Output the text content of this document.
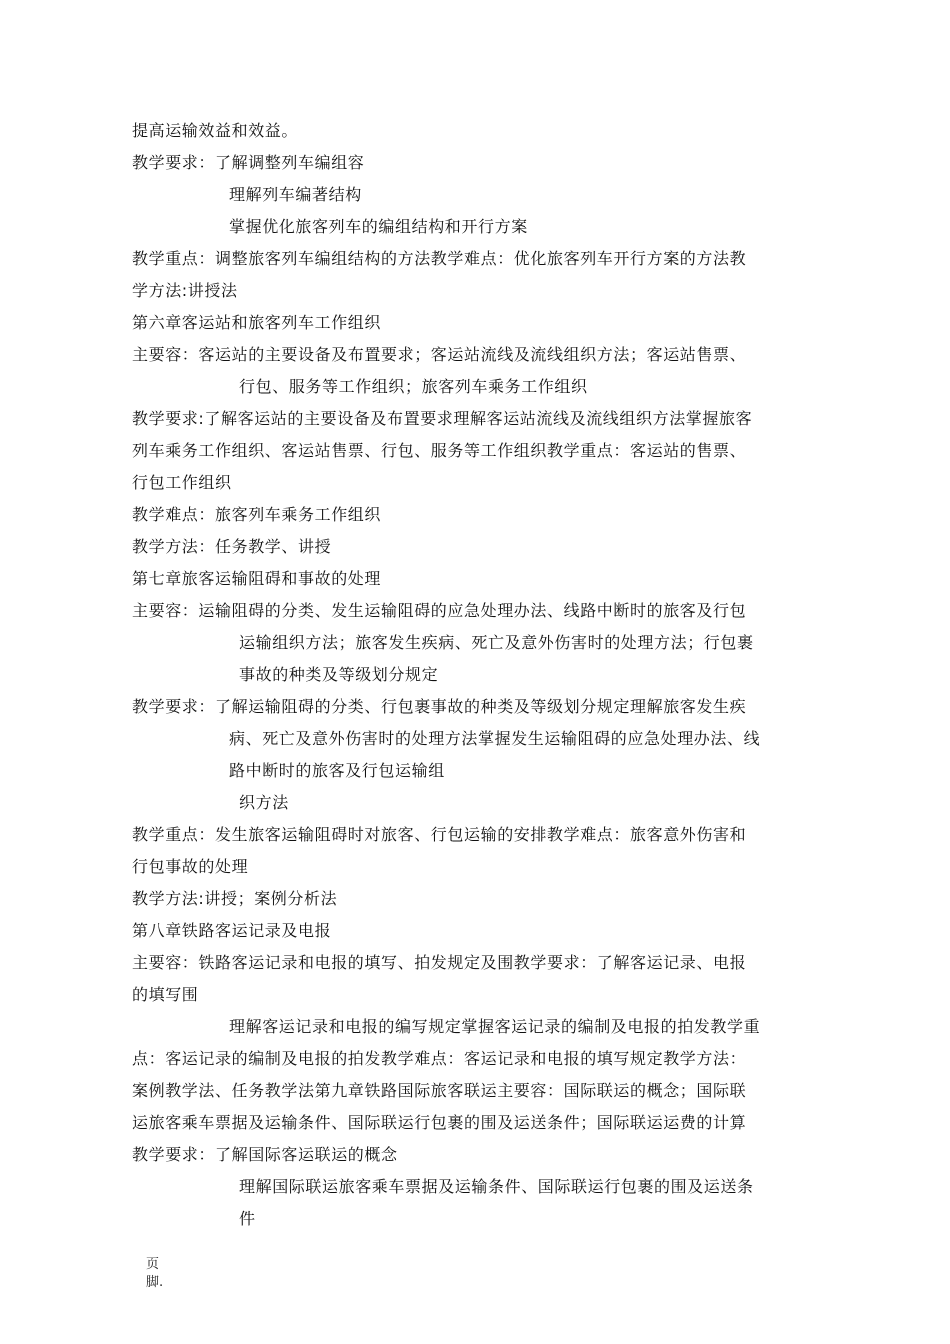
提高运输效益和效益。
教学要求：了解调整列车编组容
理解列车编著结构
掌握优化旅客列车的编组结构和开行方案
教学重点：调整旅客列车编组结构的方法教学难点：优化旅客列车开行方案的方法教
学方法:讲授法
第六章客运站和旅客列车工作组织
主要容：客运站的主要设备及布置要求；客运站流线及流线组织方法；客运站售票、
行包、服务等工作组织；旅客列车乘务工作组织
教学要求:了解客运站的主要设备及布置要求理解客运站流线及流线组织方法掌握旅客
列车乘务工作组织、客运站售票、行包、服务等工作组织教学重点：客运站的售票、
行包工作组织
教学难点：旅客列车乘务工作组织
教学方法：任务教学、讲授
第七章旅客运输阻碍和事故的处理
主要容：运输阻碍的分类、发生运输阻碍的应急处理办法、线路中断时的旅客及行包
运输组织方法；旅客发生疾病、死亡及意外伤害时的处理方法；行包裹
事故的种类及等级划分规定
教学要求：了解运输阻碍的分类、行包裹事故的种类及等级划分规定理解旅客发生疾
病、死亡及意外伤害时的处理方法掌握发生运输阻碍的应急处理办法、线
路中断时的旅客及行包运输组
织方法
教学重点：发生旅客运输阻碍时对旅客、行包运输的安排教学难点：旅客意外伤害和
行包事故的处理
教学方法:讲授；案例分析法
第八章铁路客运记录及电报
主要容：铁路客运记录和电报的填写、拍发规定及围教学要求：了解客运记录、电报
的填写围
理解客运记录和电报的编写规定掌握客运记录的编制及电报的拍发教学重
点：客运记录的编制及电报的拍发教学难点：客运记录和电报的填写规定教学方法：
案例教学法、任务教学法第九章铁路国际旅客联运主要容：国际联运的概念；国际联
运旅客乘车票据及运输条件、国际联运行包裹的围及运送条件；国际联运运费的计算
教学要求：了解国际客运联运的概念
理解国际联运旅客乘车票据及运输条件、国际联运行包裹的围及运送条
件
页
脚.
